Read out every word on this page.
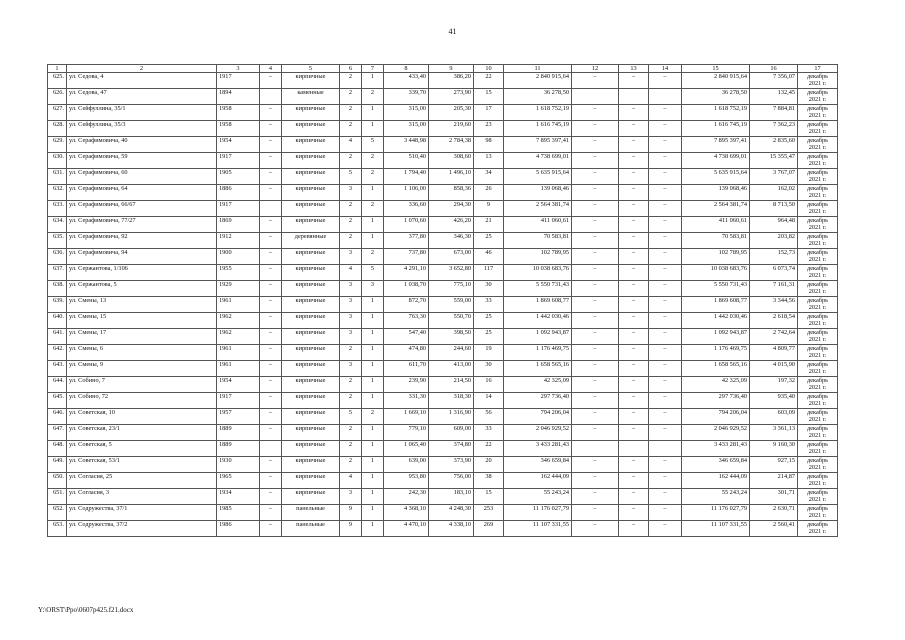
41
1	2	3	4	5	6	7	8	9	10	11	12	13	14	15	16	17
625.	ул. Седова, 4	1917	–	кирпичные	2	1	433,40	386,20	22	2 840 915,64	–	–	–	2 840 915,64	7 356,07	декабрь 2021 г.
626.	ул. Седова, 47	1894		каменные	2	2	339,70	273,90	15	36 278,50				36 278,50	132,45	декабрь 2021 г.
627.	ул. Сейфуллина, 35/1	1958	–	кирпичные	2	1	315,00	205,30	17	1 618 752,19	–	–	–	1 618 752,19	7 884,81	декабрь 2021 г.
628.	ул. Сейфуллина, 35/3	1958	–	кирпичные	2	1	315,00	219,60	23	1 616 745,19	–	–	–	1 616 745,19	7 362,23	декабрь 2021 г.
629.	ул. Серафимовича, 40	1954	–	кирпичные	4	5	3 448,98	2 784,38	98	7 895 397,41	–	–	–	7 895 397,41	2 835,60	декабрь 2021 г.
630.	ул. Серафимовича, 59	1917	–	кирпичные	2	2	510,40	308,60	13	4 738 699,01	–	–	–	4 738 699,01	15 355,47	декабрь 2021 г.
631.	ул. Серафимовича, 60	1905	–	кирпичные	5	2	1 794,40	1 496,10	34	5 635 915,64	–	–	–	5 635 915,64	3 767,07	декабрь 2021 г.
632.	ул. Серафимовича, 64	1886	–	кирпичные	3	1	1 106,00	858,36	26	139 068,46	–	–	–	139 068,46	162,02	декабрь 2021 г.
633.	ул. Серафимовича, 66/67	1917		кирпичные	2	2	336,60	294,30	9	2 564 381,74	–	–	–	2 564 381,74	8 713,50	декабрь 2021 г.
634.	ул. Серафимовича, 77/27	1869	–	кирпичные	2	1	1 070,60	426,20	21	411 060,61	–	–	–	411 060,61	964,48	декабрь 2021 г.
635.	ул. Серафимовича, 92	1912	–	деревянные	2	1	377,80	346,30	25	70 583,81	–	–	–	70 583,81	203,82	декабрь 2021 г.
636.	ул. Серафимовича, 94	1900	–	кирпичные	3	2	737,80	673,00	46	102 789,95	–	–	–	102 789,95	152,73	декабрь 2021 г.
637.	ул. Сержантова, 1/106	1955	–	кирпичные	4	5	4 291,10	3 652,80	117	10 038 683,76	–	–	–	10 038 683,76	6 073,74	декабрь 2021 г.
638.	ул. Сержантова, 5	1929	–	кирпичные	3	3	1 038,70	775,10	30	5 550 731,43	–	–	–	5 550 731,43	7 161,31	декабрь 2021 г.
639.	ул. Смены, 13	1961	–	кирпичные	3	1	872,70	559,00	33	1 869 608,77	–	–	–	1 869 608,77	3 344,56	декабрь 2021 г.
640.	ул. Смены, 15	1962	–	кирпичные	3	1	763,30	550,70	25	1 442 030,46	–	–	–	1 442 030,46	2 618,54	декабрь 2021 г.
641.	ул. Смены, 17	1962	–	кирпичные	3	1	547,40	398,50	25	1 092 943,87	–	–	–	1 092 943,87	2 742,64	декабрь 2021 г.
642.	ул. Смены, 6	1961	–	кирпичные	2	1	474,80	244,60	19	1 176 469,75	–	–	–	1 176 469,75	4 809,77	декабрь 2021 г.
643.	ул. Смены, 9	1961	–	кирпичные	3	1	611,70	413,00	30	1 658 565,16	–	–	–	1 658 565,16	4 015,90	декабрь 2021 г.
644.	ул. Собино, 7	1954	–	кирпичные	2	1	239,90	214,50	16	42 325,09	–	–	–	42 325,09	197,32	декабрь 2021 г.
645.	ул. Собино, 72	1917	–	кирпичные	2	1	331,30	318,30	14	297 736,40	–	–	–	297 736,40	935,40	декабрь 2021 г.
646.	ул. Советская, 10	1957	–	кирпичные	5	2	1 669,10	1 316,90	56	794 206,04	–	–	–	794 206,04	603,09	декабрь 2021 г.
647.	ул. Советская, 23/1	1889	–	кирпичные	2	1	779,10	609,00	33	2 046 929,52	–	–	–	2 046 929,52	3 361,13	декабрь 2021 г.
648.	ул. Советская, 5	1889		кирпичные	2	1	1 065,40	374,80	22	3 433 281,43				3 433 281,43	9 160,30	декабрь 2021 г.
649.	ул. Советская, 53/1	1930	–	кирпичные	2	1	639,00	373,90	20	346 659,84	–	–	–	346 659,84	927,15	декабрь 2021 г.
650.	ул. Согласия, 25	1965	–	кирпичные	4	1	953,80	756,00	38	162 444,09	–	–	–	162 444,09	214,87	декабрь 2021 г.
651.	ул. Согласия, 3	1934	–	кирпичные	3	1	242,30	183,10	15	55 243,24	–	–	–	55 243,24	301,71	декабрь 2021 г.
652.	ул. Содружества, 37/1	1985	–	панельные	9	1	4 368,10	4 248,30	253	11 176 027,79	–	–	–	11 176 027,79	2 630,71	декабрь 2021 г.
653.	ул. Содружества, 37/2	1986	–	панельные	9	1	4 470,10	4 338,10	269	11 107 331,55	–	–	–	11 107 331,55	2 560,41	декабрь 2021 г.
Y:\ORST\Ppo\0607p425.f21.docx
